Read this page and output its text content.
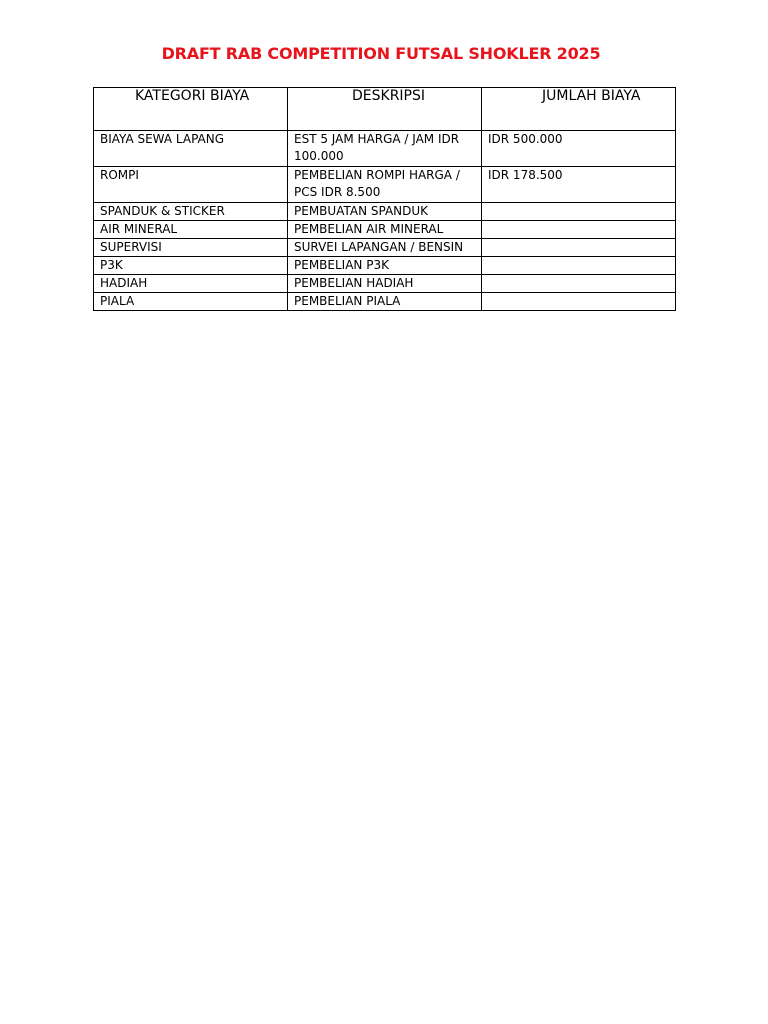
DRAFT RAB COMPETITION FUTSAL SHOKLER 2025
KATEGORI BIAYA	DESKRIPSI	JUMLAH BIAYA
BIAYA SEWA LAPANG	EST 5 JAM HARGA / JAM IDR 100.000	IDR 500.000
ROMPI	PEMBELIAN ROMPI HARGA / PCS IDR 8.500	IDR 178.500
SPANDUK & STICKER	PEMBUATAN SPANDUK	
AIR MINERAL	PEMBELIAN AIR MINERAL	
SUPERVISI	SURVEI LAPANGAN / BENSIN	
P3K	PEMBELIAN P3K	
HADIAH	PEMBELIAN HADIAH	
PIALA	PEMBELIAN PIALA	
